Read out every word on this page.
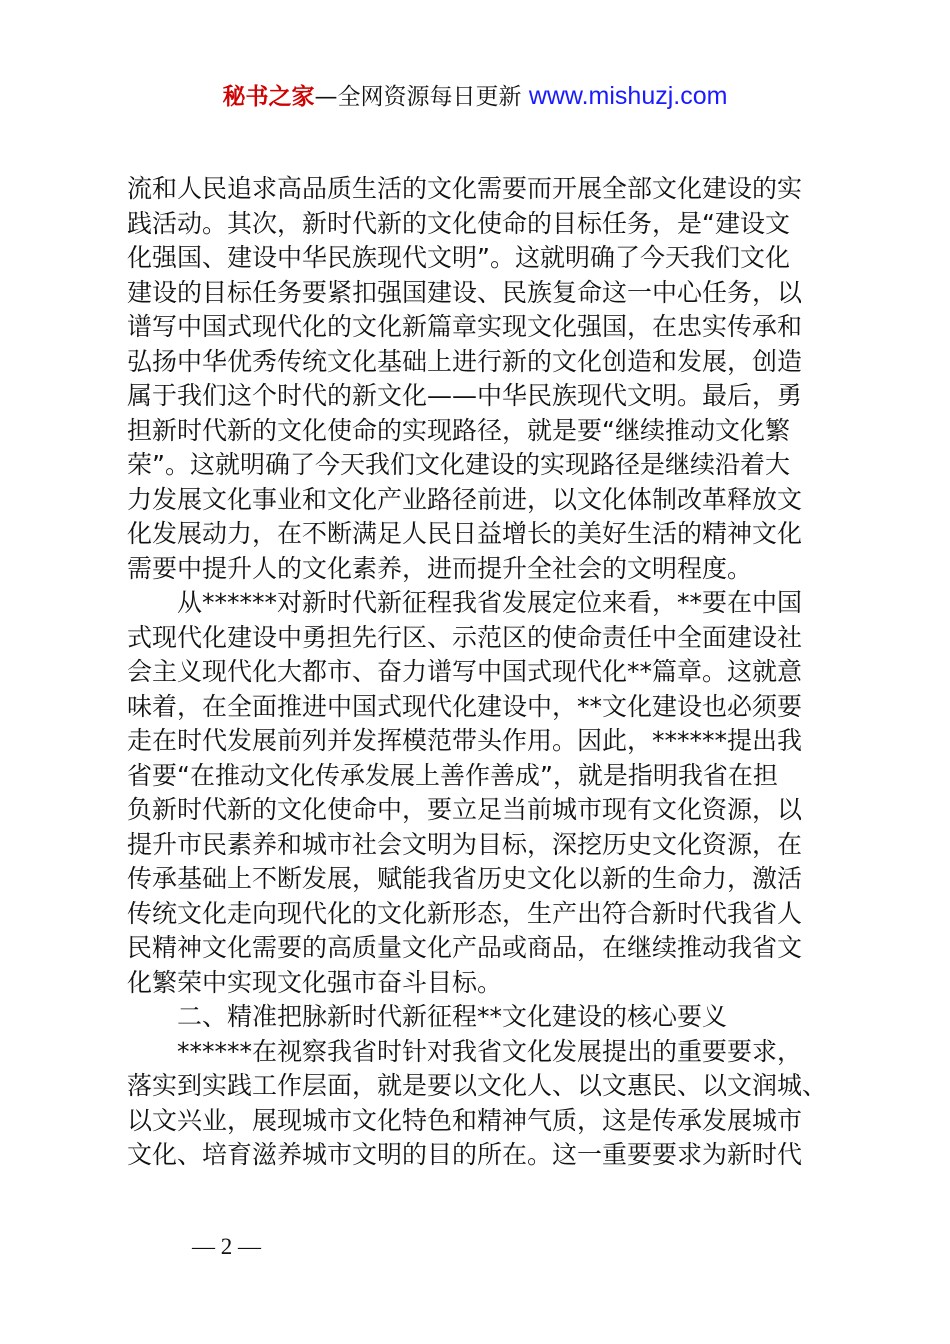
秘书之家—全网资源每日更新 www.mishuzj.com
流和人民追求高品质生活的文化需要而开展全部文化建设的实
践活动。其次，新时代新的文化使命的目标任务，是“建设文
化强国、建设中华民族现代文明”。这就明确了今天我们文化
建设的目标任务要紧扣强国建设、民族复命这一中心任务，以
谱写中国式现代化的文化新篇章实现文化强国，在忠实传承和
弘扬中华优秀传统文化基础上进行新的文化创造和发展，创造
属于我们这个时代的新文化——中华民族现代文明。最后，勇
担新时代新的文化使命的实现路径，就是要“继续推动文化繁
荣”。这就明确了今天我们文化建设的实现路径是继续沿着大
力发展文化事业和文化产业路径前进，以文化体制改革释放文
化发展动力，在不断满足人民日益增长的美好生活的精神文化
需要中提升人的文化素养，进而提升全社会的文明程度。
从******对新时代新征程我省发展定位来看，**要在中国
式现代化建设中勇担先行区、示范区的使命责任中全面建设社
会主义现代化大都市、奋力谱写中国式现代化**篇章。这就意
味着，在全面推进中国式现代化建设中，**文化建设也必须要
走在时代发展前列并发挥模范带头作用。因此，******提出我
省要“在推动文化传承发展上善作善成”，就是指明我省在担
负新时代新的文化使命中，要立足当前城市现有文化资源，以
提升市民素养和城市社会文明为目标，深挖历史文化资源，在
传承基础上不断发展，赋能我省历史文化以新的生命力，激活
传统文化走向现代化的文化新形态，生产出符合新时代我省人
民精神文化需要的高质量文化产品或商品，在继续推动我省文
化繁荣中实现文化强市奋斗目标。
二、精准把脉新时代新征程**文化建设的核心要义
******在视察我省时针对我省文化发展提出的重要要求，
落实到实践工作层面，就是要以文化人、以文惠民、以文润城、
以文兴业，展现城市文化特色和精神气质，这是传承发展城市
文化、培育滋养城市文明的目的所在。这一重要要求为新时代
— 2 —
